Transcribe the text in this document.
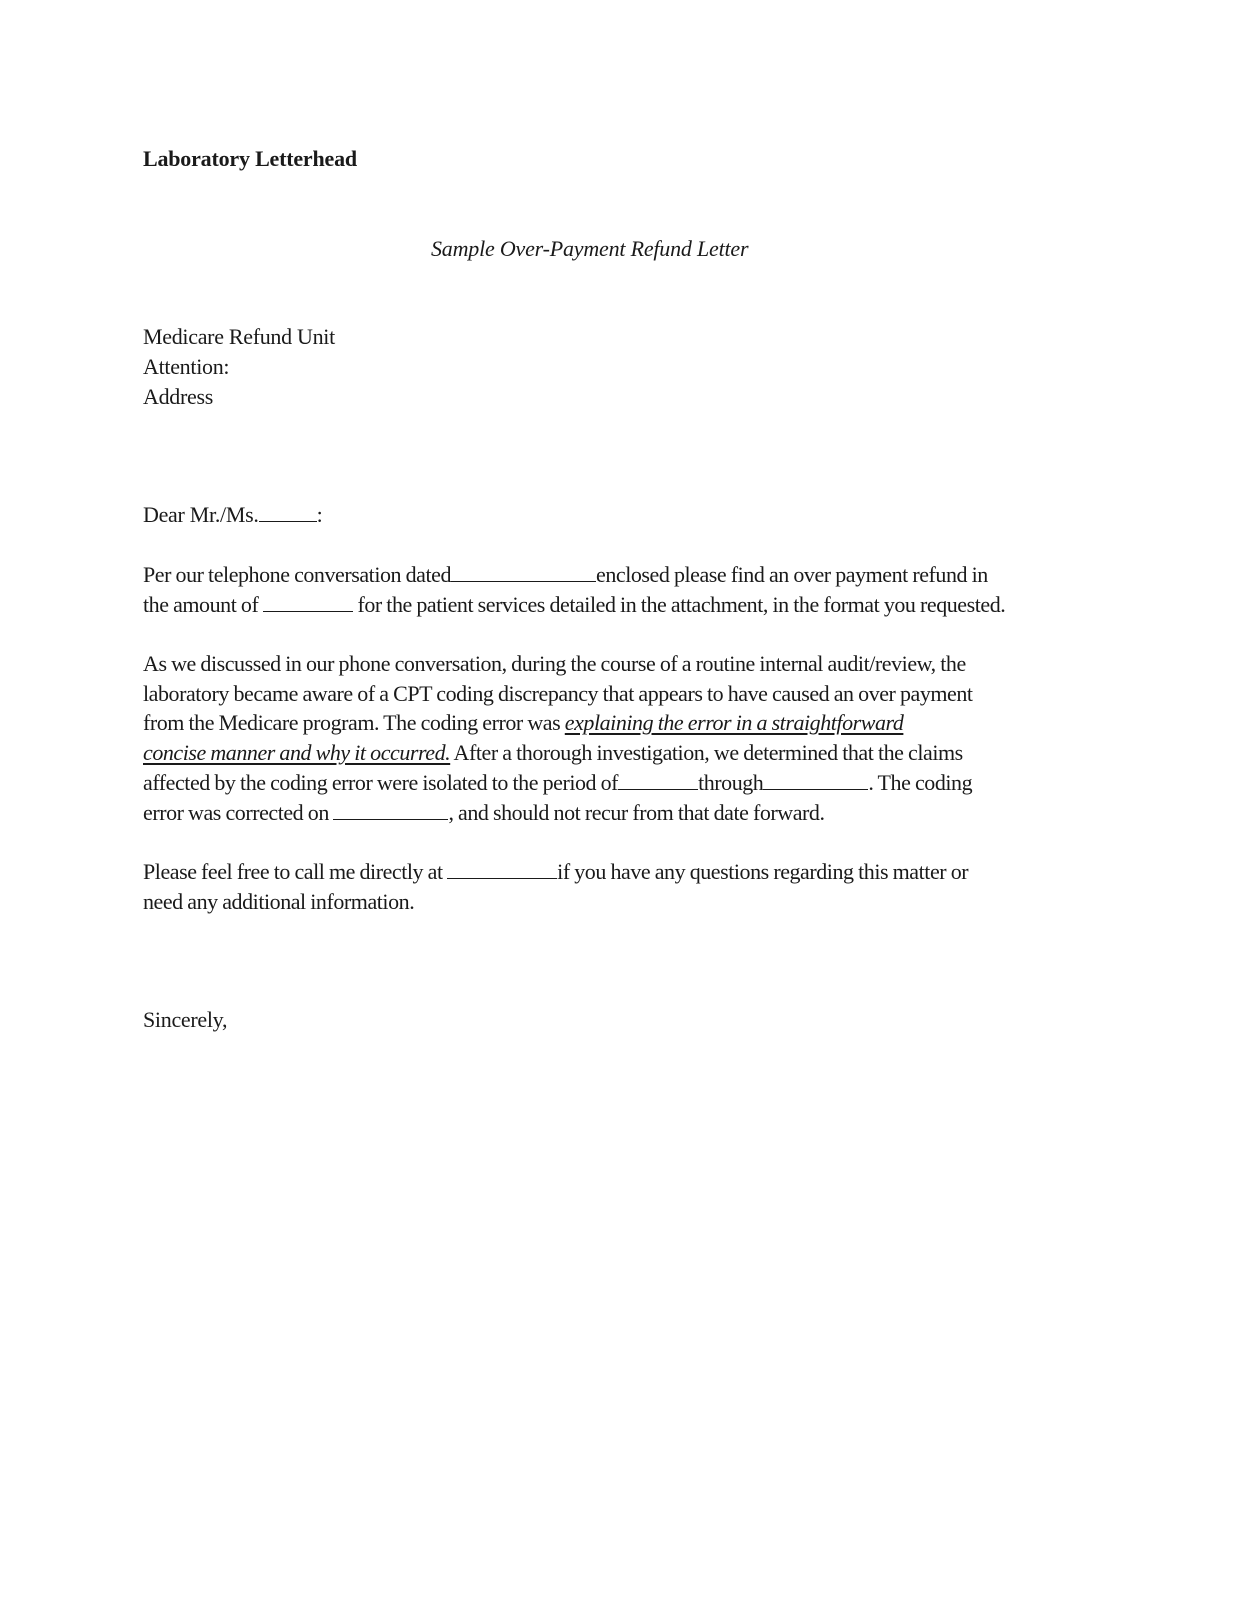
Laboratory Letterhead
Sample Over-Payment Refund Letter
Medicare Refund Unit
Attention:
Address
Dear Mr./Ms.	:
Per our telephone conversation dated	enclosed please find an over payment refund in
the amount of	for the patient services detailed in the attachment, in the format you requested.
As we discussed in our phone conversation, during the course of a routine internal audit/review, the
laboratory became aware of a CPT coding discrepancy that appears to have caused an over payment
from the Medicare program. The coding error was explaining the error in a straightforward
concise manner and why it occurred. After a thorough investigation, we determined that the claims
affected by the coding error were isolated to the period of	through	. The coding
error was corrected on	, and should not recur from that date forward.
Please feel free to call me directly at	if you have any questions regarding this matter or
need any additional information.
Sincerely,
